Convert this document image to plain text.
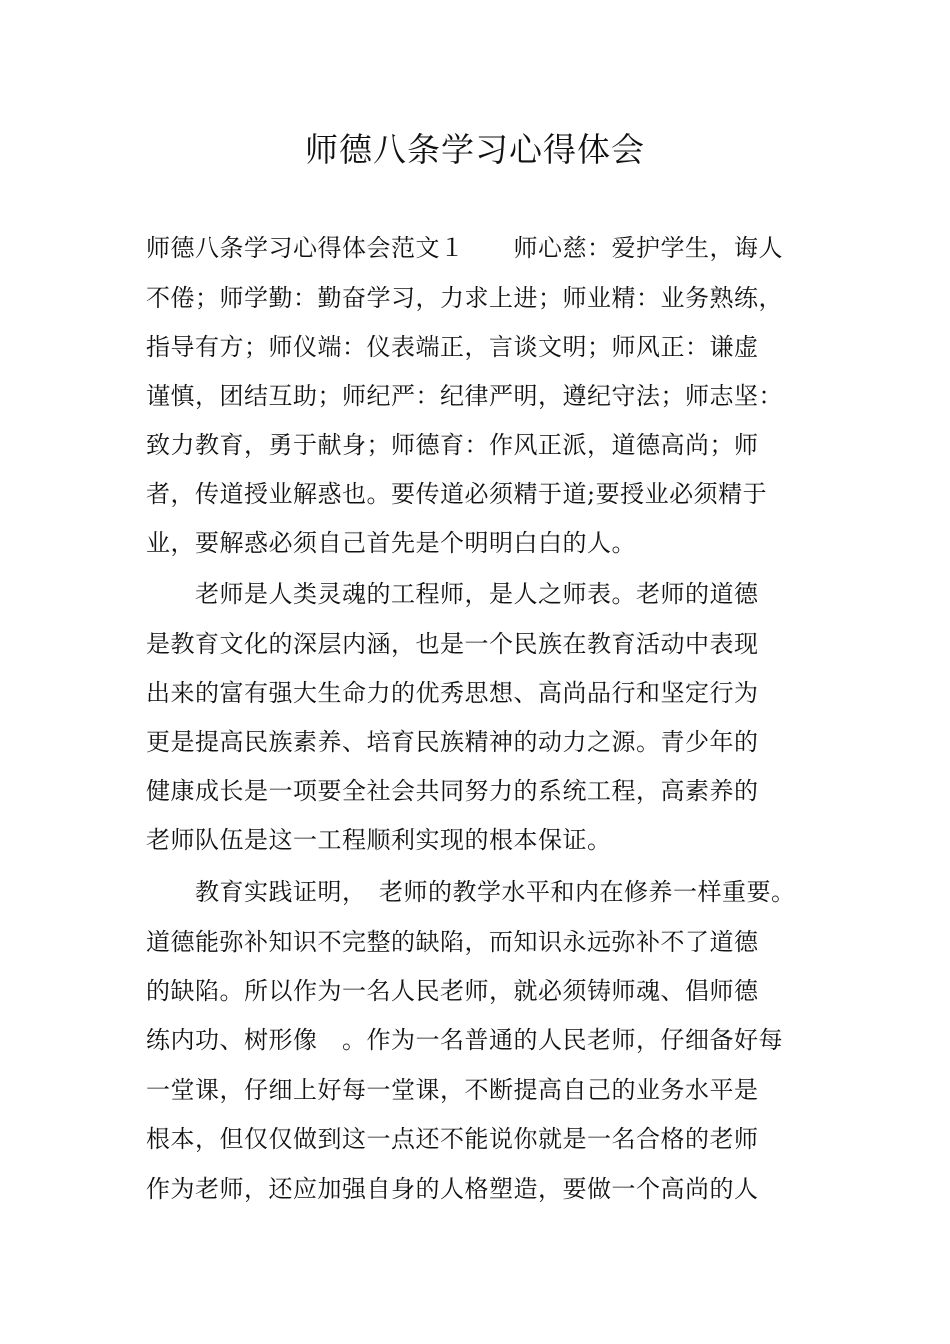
师德八条学习心得体会

师德八条学习心得体会范文１　　师心慈：爱护学生，诲人

不倦；师学勤：勤奋学习，力求上进；师业精：业务熟练，

指导有方；师仪端：仪表端正，言谈文明；师风正：谦虚

谨慎，团结互助；师纪严：纪律严明，遵纪守法；师志坚：

致力教育，勇于献身；师德育：作风正派，道德高尚；师

者，传道授业解惑也。要传道必须精于道;要授业必须精于

业，要解惑必须自己首先是个明明白白的人。

老师是人类灵魂的工程师，是人之师表。老师的道德

是教育文化的深层内涵，也是一个民族在教育活动中表现

出来的富有强大生命力的优秀思想、高尚品行和坚定行为

更是提高民族素养、培育民族精神的动力之源。青少年的

健康成长是一项要全社会共同努力的系统工程，高素养的

老师队伍是这一工程顺利实现的根本保证。

教育实践证明，　老师的教学水平和内在修养一样重要。

道德能弥补知识不完整的缺陷，而知识永远弥补不了道德

的缺陷。所以作为一名人民老师，就必须铸师魂、倡师德

练内功、树形像　。作为一名普通的人民老师，仔细备好每

一堂课，仔细上好每一堂课，不断提高自己的业务水平是

根本，但仅仅做到这一点还不能说你就是一名合格的老师

作为老师，还应加强自身的人格塑造，要做一个高尚的人
